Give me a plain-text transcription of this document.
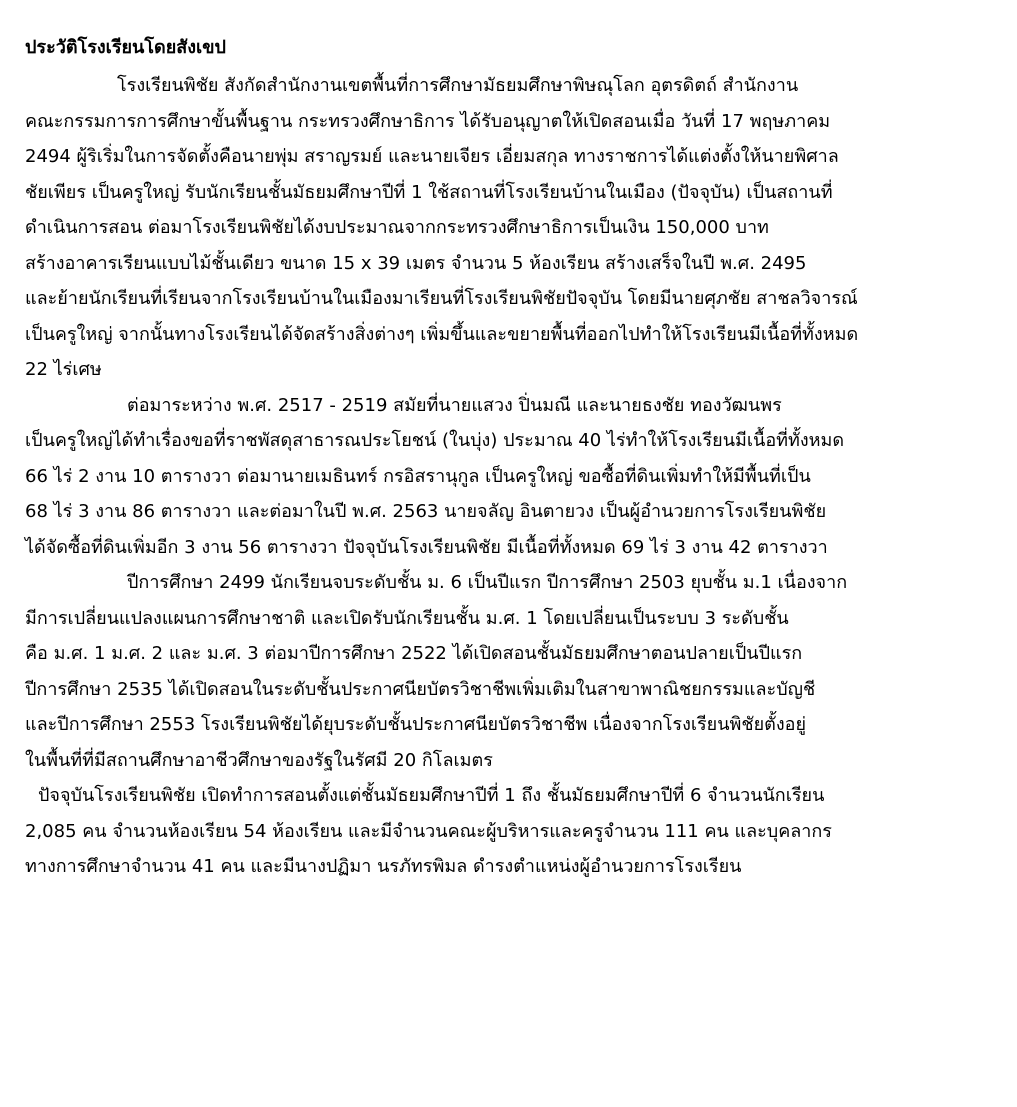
ประวัติโรงเรียนโดยสังเขป
โรงเรียนพิชัย สังกัดสำนักงานเขตพื้นที่การศึกษามัธยมศึกษาพิษณุโลก อุตรดิตถ์ สำนักงาน
คณะกรรมการการศึกษาขั้นพื้นฐาน กระทรวงศึกษาธิการ ได้รับอนุญาตให้เปิดสอนเมื่อ วันที่ 17 พฤษภาคม
2494 ผู้ริเริ่มในการจัดตั้งคือนายพุ่ม สราญรมย์ และนายเจียร เอี่ยมสกุล ทางราชการได้แต่งตั้งให้นายพิศาล
ชัยเพียร เป็นครูใหญ่ รับนักเรียนชั้นมัธยมศึกษาปีที่ 1 ใช้สถานที่โรงเรียนบ้านในเมือง (ปัจจุบัน) เป็นสถานที่
ดำเนินการสอน ต่อมาโรงเรียนพิชัยได้งบประมาณจากกระทรวงศึกษาธิการเป็นเงิน 150,000 บาท
สร้างอาคารเรียนแบบไม้ชั้นเดียว ขนาด 15 x 39 เมตร จำนวน 5 ห้องเรียน สร้างเสร็จในปี พ.ศ. 2495
และย้ายนักเรียนที่เรียนจากโรงเรียนบ้านในเมืองมาเรียนที่โรงเรียนพิชัยปัจจุบัน โดยมีนายศุภชัย สาชลวิจารณ์
เป็นครูใหญ่ จากนั้นทางโรงเรียนได้จัดสร้างสิ่งต่างๆ เพิ่มขึ้นและขยายพื้นที่ออกไปทำให้โรงเรียนมีเนื้อที่ทั้งหมด
22 ไร่เศษ
ต่อมาระหว่าง พ.ศ. 2517 - 2519 สมัยที่นายแสวง ปิ่นมณี และนายธงชัย ทองวัฒนพร
เป็นครูใหญ่ได้ทำเรื่องขอที่ราชพัสดุสาธารณประโยชน์ (ในบุ่ง) ประมาณ 40 ไร่ทำให้โรงเรียนมีเนื้อที่ทั้งหมด
66 ไร่ 2 งาน 10 ตารางวา ต่อมานายเมธินทร์ กรอิสรานุกูล เป็นครูใหญ่ ขอซื้อที่ดินเพิ่มทำให้มีพื้นที่เป็น
68 ไร่ 3 งาน 86 ตารางวา และต่อมาในปี พ.ศ. 2563 นายจลัญ อินตายวง เป็นผู้อำนวยการโรงเรียนพิชัย
ได้จัดซื้อที่ดินเพิ่มอีก 3 งาน 56 ตารางวา ปัจจุบันโรงเรียนพิชัย มีเนื้อที่ทั้งหมด 69 ไร่ 3 งาน 42 ตารางวา
ปีการศึกษา 2499 นักเรียนจบระดับชั้น ม. 6 เป็นปีแรก ปีการศึกษา 2503 ยุบชั้น ม.1 เนื่องจาก
มีการเปลี่ยนแปลงแผนการศึกษาชาติ และเปิดรับนักเรียนชั้น ม.ศ. 1 โดยเปลี่ยนเป็นระบบ 3 ระดับชั้น
คือ ม.ศ. 1 ม.ศ. 2 และ ม.ศ. 3 ต่อมาปีการศึกษา 2522 ได้เปิดสอนชั้นมัธยมศึกษาตอนปลายเป็นปีแรก
ปีการศึกษา 2535 ได้เปิดสอนในระดับชั้นประกาศนียบัตรวิชาชีพเพิ่มเติมในสาขาพาณิชยกรรมและบัญชี
และปีการศึกษา 2553 โรงเรียนพิชัยได้ยุบระดับชั้นประกาศนียบัตรวิชาชีพ เนื่องจากโรงเรียนพิชัยตั้งอยู่
ในพื้นที่ที่มีสถานศึกษาอาชีวศึกษาของรัฐในรัศมี 20 กิโลเมตร
ปัจจุบันโรงเรียนพิชัย เปิดทำการสอนตั้งแต่ชั้นมัธยมศึกษาปีที่ 1 ถึง ชั้นมัธยมศึกษาปีที่ 6 จำนวนนักเรียน
2,085 คน จำนวนห้องเรียน 54 ห้องเรียน และมีจำนวนคณะผู้บริหารและครูจำนวน 111 คน และบุคลากร
ทางการศึกษาจำนวน 41 คน และมีนางปฏิมา นรภัทรพิมล ดำรงตำแหน่งผู้อำนวยการโรงเรียน
